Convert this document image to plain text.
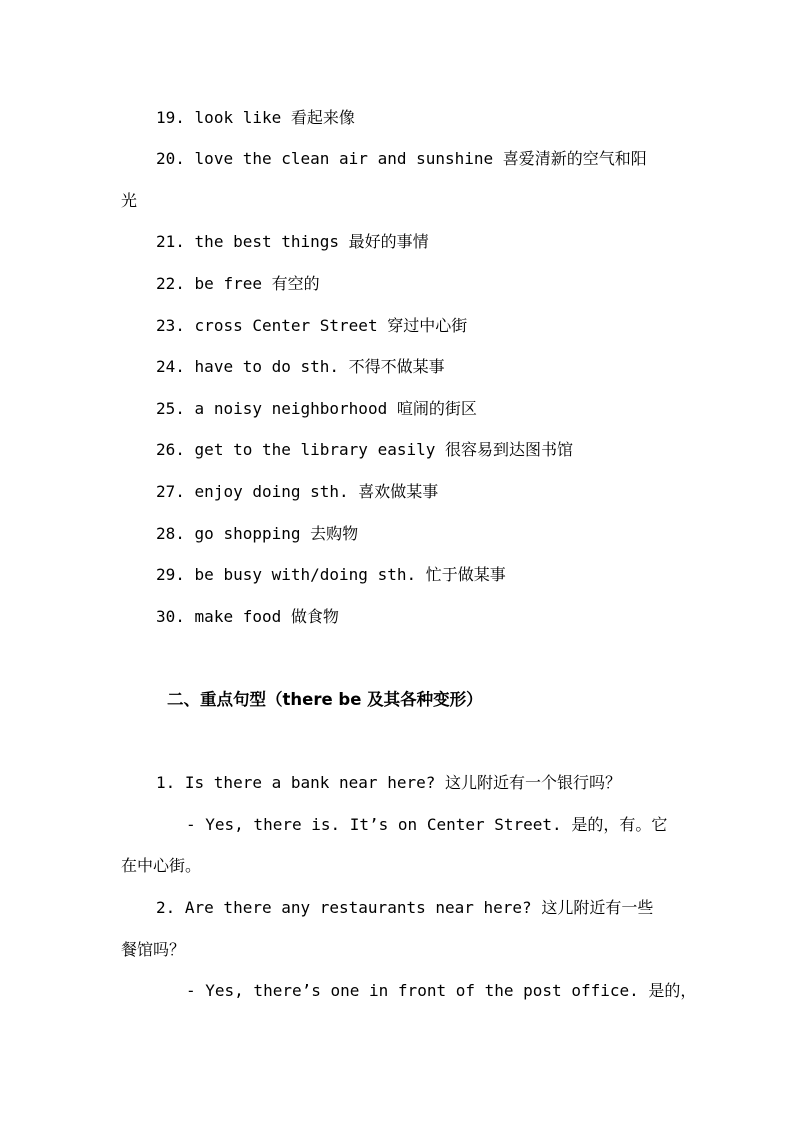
19. look like 看起来像
20. love the clean air and sunshine 喜爱清新的空气和阳
光
21. the best things 最好的事情
22. be free 有空的
23. cross Center Street 穿过中心街
24. have to do sth. 不得不做某事
25. a noisy neighborhood 喧闹的街区
26. get to the library easily 很容易到达图书馆
27. enjoy doing sth. 喜欢做某事
28. go shopping 去购物
29. be busy with/doing sth. 忙于做某事
30. make food 做食物
二、重点句型（there be 及其各种变形）
1. Is there a bank near here? 这儿附近有一个银行吗？
- Yes, there is. It’s on Center Street. 是的，有。它
在中心街。
2. Are there any restaurants near here? 这儿附近有一些
餐馆吗？
- Yes, there’s one in front of the post office. 是的，
